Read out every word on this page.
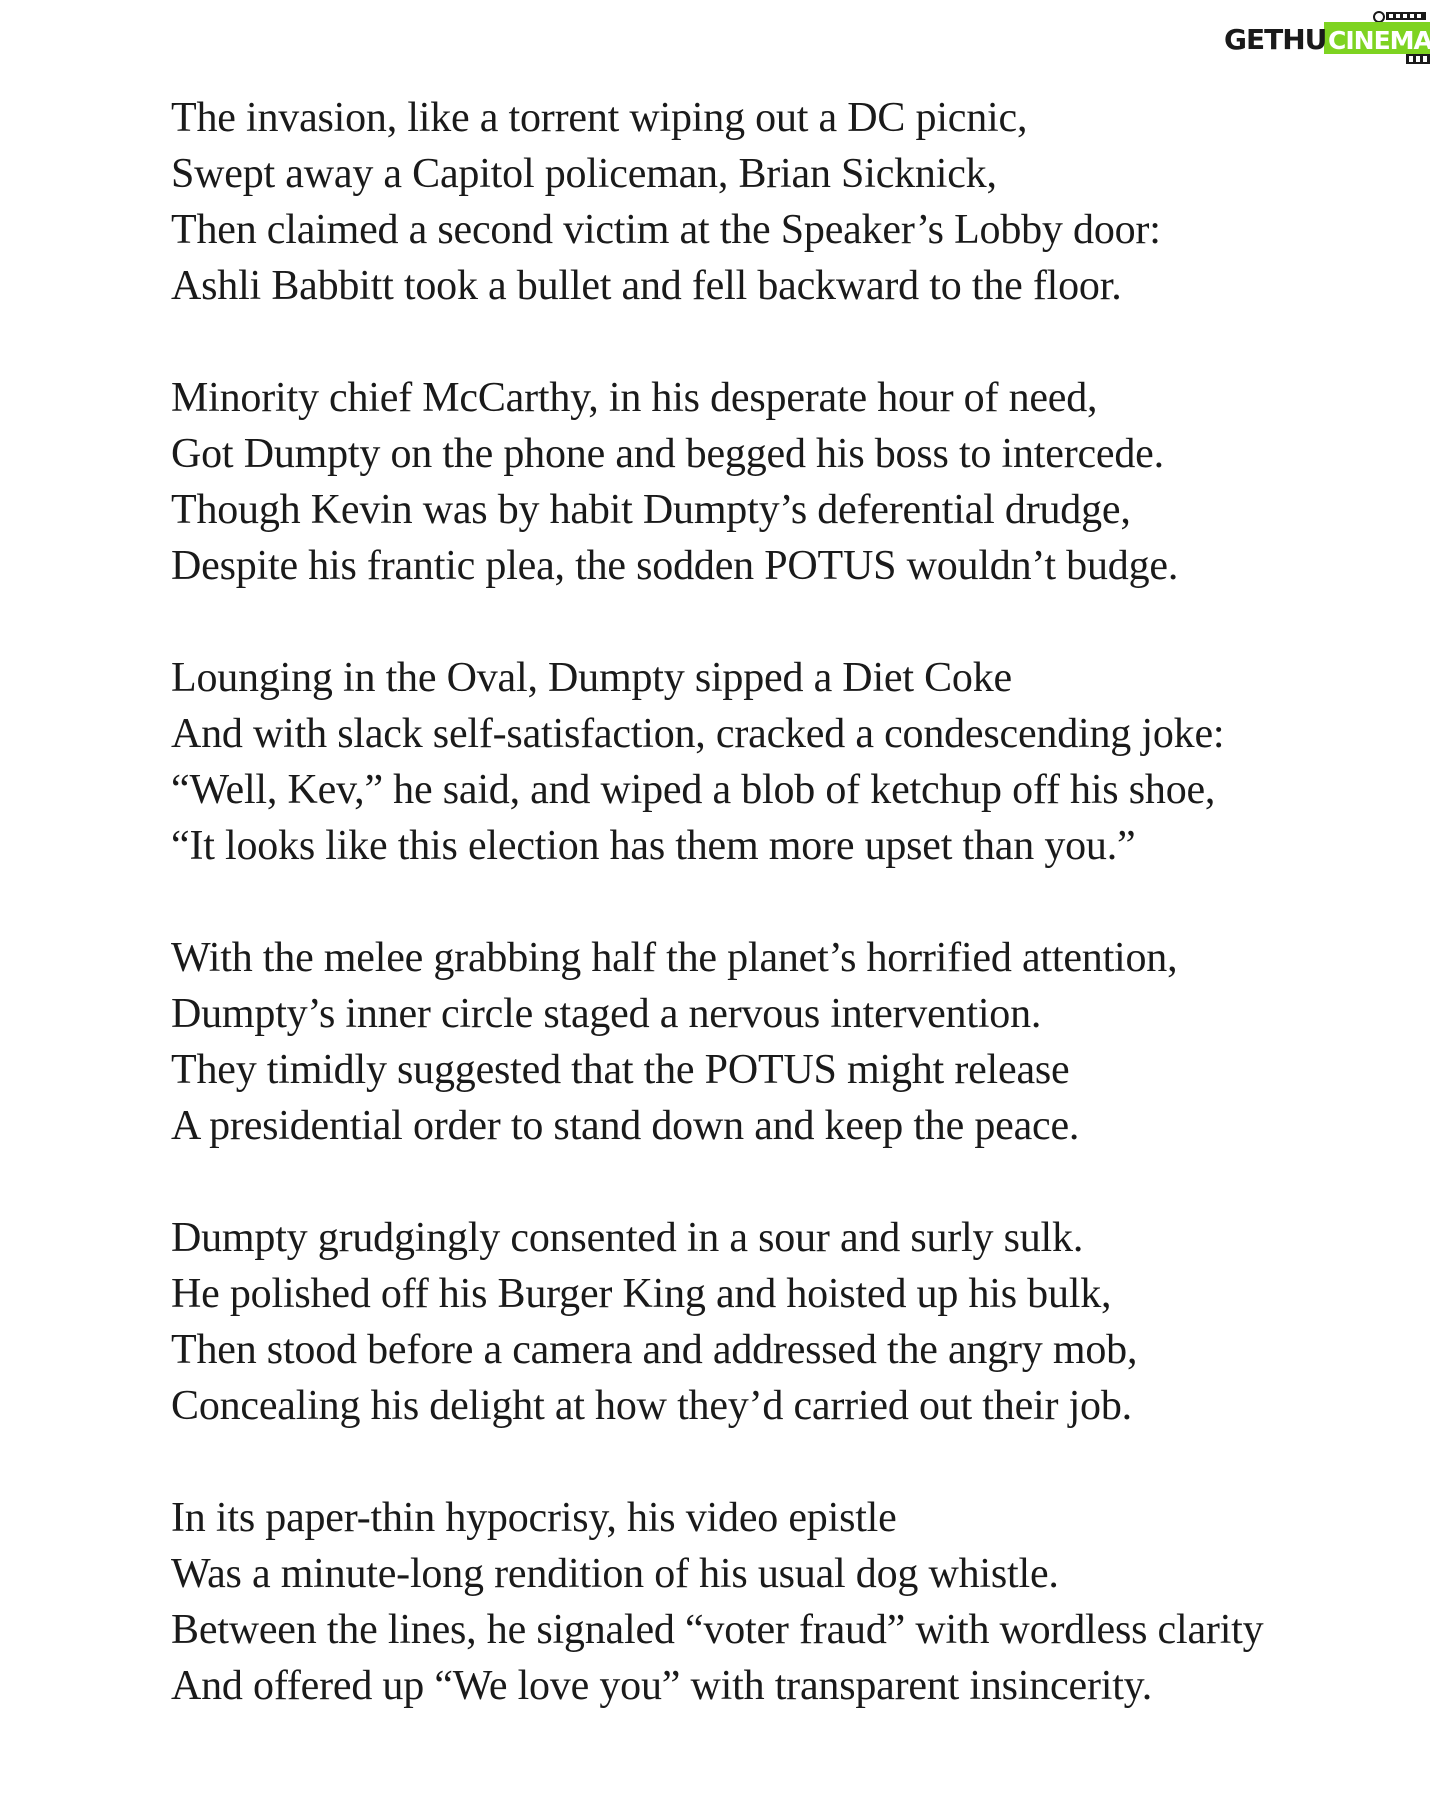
GETHU CINEMA
The invasion, like a torrent wiping out a DC picnic,
Swept away a Capitol policeman, Brian Sicknick,
Then claimed a second victim at the Speaker’s Lobby door:
Ashli Babbitt took a bullet and fell backward to the floor.
Minority chief McCarthy, in his desperate hour of need,
Got Dumpty on the phone and begged his boss to intercede.
Though Kevin was by habit Dumpty’s deferential drudge,
Despite his frantic plea, the sodden POTUS wouldn’t budge.
Lounging in the Oval, Dumpty sipped a Diet Coke
And with slack self-satisfaction, cracked a condescending joke:
“Well, Kev,” he said, and wiped a blob of ketchup off his shoe,
“It looks like this election has them more upset than you.”
With the melee grabbing half the planet’s horrified attention,
Dumpty’s inner circle staged a nervous intervention.
They timidly suggested that the POTUS might release
A presidential order to stand down and keep the peace.
Dumpty grudgingly consented in a sour and surly sulk.
He polished off his Burger King and hoisted up his bulk,
Then stood before a camera and addressed the angry mob,
Concealing his delight at how they’d carried out their job.
In its paper-thin hypocrisy, his video epistle
Was a minute-long rendition of his usual dog whistle.
Between the lines, he signaled “voter fraud” with wordless clarity
And offered up “We love you” with transparent insincerity.
